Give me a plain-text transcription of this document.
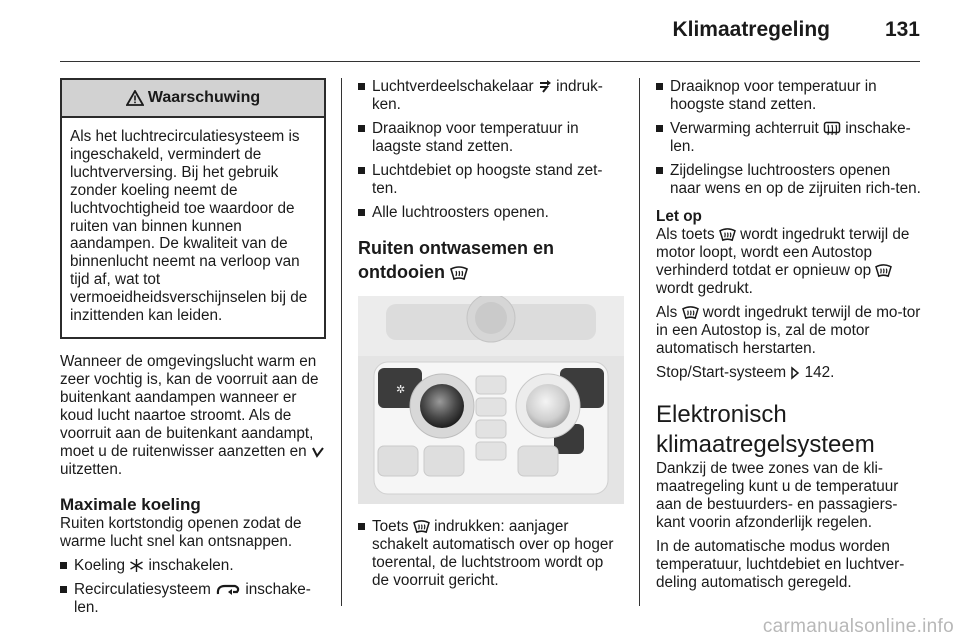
Klimaatregeling	131
Waarschuwing
Als het luchtrecirculatiesysteem is ingeschakeld, vermindert de luchtverversing. Bij het gebruik zonder koeling neemt de luchtvochtigheid toe waardoor de ruiten van binnen kunnen aandampen. De kwaliteit van de binnenlucht neemt na verloop van tijd af, wat tot vermoeidheidsverschijnselen bij de inzittenden kan leiden.

Wanneer de omgevingslucht warm en zeer vochtig is, kan de voorruit aan de buitenkant aandampen wanneer er koud lucht naartoe stroomt. Als de voorruit aan de buitenkant aandampt, moet u de ruitenwisser aanzetten en  uitzetten.

Maximale koeling

Ruiten kortstondig openen zodat de warme lucht snel kan ontsnappen.

Koeling inschakelen.
Recirculatiesysteem inschake-len.
Luchtverdeelschakelaar indruk-ken.
Draaiknop voor temperatuur in laagste stand zetten.
Luchtdebiet op hoogste stand zet-ten.
Alle luchtroosters openen.
Ruiten ontwasemen en
ontdooien
✲
Toets indrukken: aanjager schakelt automatisch over op hoger toerental, de luchtstroom wordt op de voorruit gericht.
Draaiknop voor temperatuur in hoogste stand zetten.
Verwarming achterruit inschake-len.
Zijdelingse luchtroosters openen naar wens en op de zijruiten rich-ten.

Let op

Als toets wordt ingedrukt terwijl de motor loopt, wordt een Autostop verhinderd totdat er opnieuw op  wordt gedrukt.

Als wordt ingedrukt terwijl de mo-tor in een Autostop is, zal de motor automatisch herstarten.

Stop/Start-systeem 142.

Elektronisch klimaatregelsysteem

Dankzij de twee zones van de kli-maatregeling kunt u de temperatuur aan de bestuurders- en passagiers-kant voorin afzonderlijk regelen.

In de automatische modus worden temperatuur, luchtdebiet en luchtver-deling automatisch geregeld.

carmanualsonline.info
